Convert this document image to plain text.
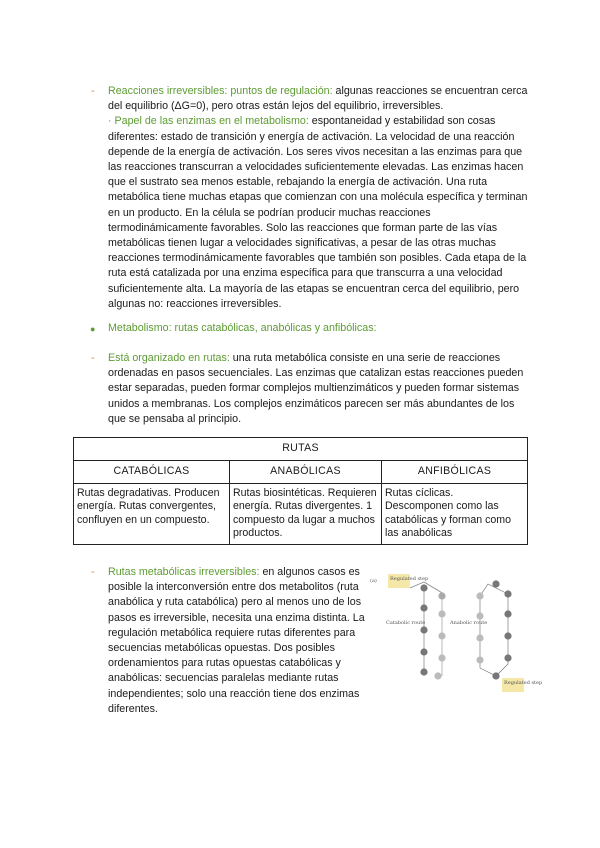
- Reacciones irreversibles: puntos de regulación: algunas reacciones se encuentran cerca del equilibrio (ΔG=0), pero otras están lejos del equilibrio, irreversibles.

· Papel de las enzimas en el metabolismo: espontaneidad y estabilidad son cosas diferentes: estado de transición y energía de activación. La velocidad de una reacción depende de la energía de activación. Los seres vivos necesitan a las enzimas para que las reacciones transcurran a velocidades suficientemente elevadas. Las enzimas hacen que el sustrato sea menos estable, rebajando la energía de activación. Una ruta metabólica tiene muchas etapas que comienzan con una molécula específica y terminan en un producto. En la célula se podrían producir muchas reacciones termodinámicamente favorables. Solo las reacciones que forman parte de las vías metabólicas tienen lugar a velocidades significativas, a pesar de las otras muchas reacciones termodinámicamente favorables que también son posibles. Cada etapa de la ruta está catalizada por una enzima específica para que transcurra a una velocidad suficientemente alta. La mayoría de las etapas se encuentran cerca del equilibrio, pero algunas no: reacciones irreversibles.

● Metabolismo: rutas catabólicas, anabólicas y anfibólicas:
- Está organizado en rutas: una ruta metabólica consiste en una serie de reacciones ordenadas en pasos secuenciales. Las enzimas que catalizan estas reacciones pueden estar separadas, pueden formar complejos multienzimáticos y pueden formar sistemas unidos a membranas. Los complejos enzimáticos parecen ser más abundantes de los que se pensaba al principio.

RUTAS		
CATABÓLICAS	ANABÓLICAS	ANFIBÓLICAS
Rutas degradativas. Producen energía. Rutas convergentes, confluyen en un compuesto.	Rutas biosintéticas. Requieren energía. Rutas divergentes. 1 compuesto da lugar a muchos productos.	Rutas cíclicas. Descomponen como las catabólicas y forman como las anabólicas
- Rutas metabólicas irreversibles: en algunos casos es posible la interconversión entre dos metabolitos (ruta anabólica y ruta catabólica) pero al menos uno de los pasos es irreversible, necesita una enzima distinta. La regulación metabólica requiere rutas diferentes para secuencias metabólicas opuestas. Dos posibles ordenamientos para rutas opuestas catabólicas y anabólicas: secuencias paralelas mediante rutas independientes; solo una reacción tiene dos enzimas diferentes.

(a)	Regulated step
Catabolic route	Anabolic route
Regulated step
